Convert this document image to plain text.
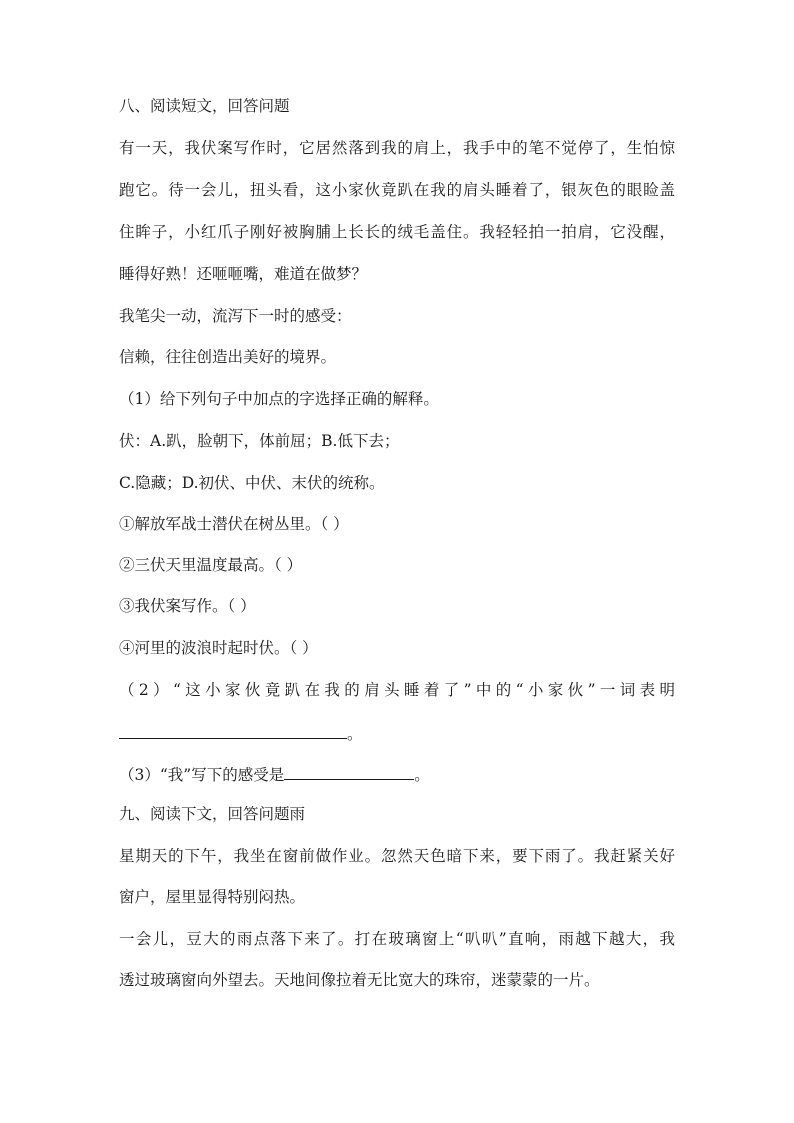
八、阅读短文，回答问题
有一天，我伏案写作时，它居然落到我的肩上，我手中的笔不觉停了，生怕惊
跑它。待一会儿，扭头看，这小家伙竟趴在我的肩头睡着了，银灰色的眼睑盖
住眸子，小红爪子刚好被胸脯上长长的绒毛盖住。我轻轻拍一拍肩，它没醒，
睡得好熟！还咂咂嘴，难道在做梦？
我笔尖一动，流泻下一时的感受：
信赖，往往创造出美好的境界。
（1）给下列句子中加点的字选择正确的解释。
伏：A.趴，脸朝下，体前屈；B.低下去；
C.隐藏；D.初伏、中伏、末伏的统称。
①解放军战士潜伏在树丛里。（ ）
②三伏天里温度最高。（ ）
③我伏案写作。（ ）
④河里的波浪时起时伏。（ ）
（2）“这小家伙竟趴在我的肩头睡着了”中的“小家伙”一词表明
。
（3）“我”写下的感受是	。
九、阅读下文，回答问题雨
星期天的下午，我坐在窗前做作业。忽然天色暗下来，要下雨了。我赶紧关好
窗户，屋里显得特别闷热。
一会儿，豆大的雨点落下来了。打在玻璃窗上“叭叭”直响，雨越下越大，我
透过玻璃窗向外望去。天地间像拉着无比宽大的珠帘，迷蒙蒙的一片。
